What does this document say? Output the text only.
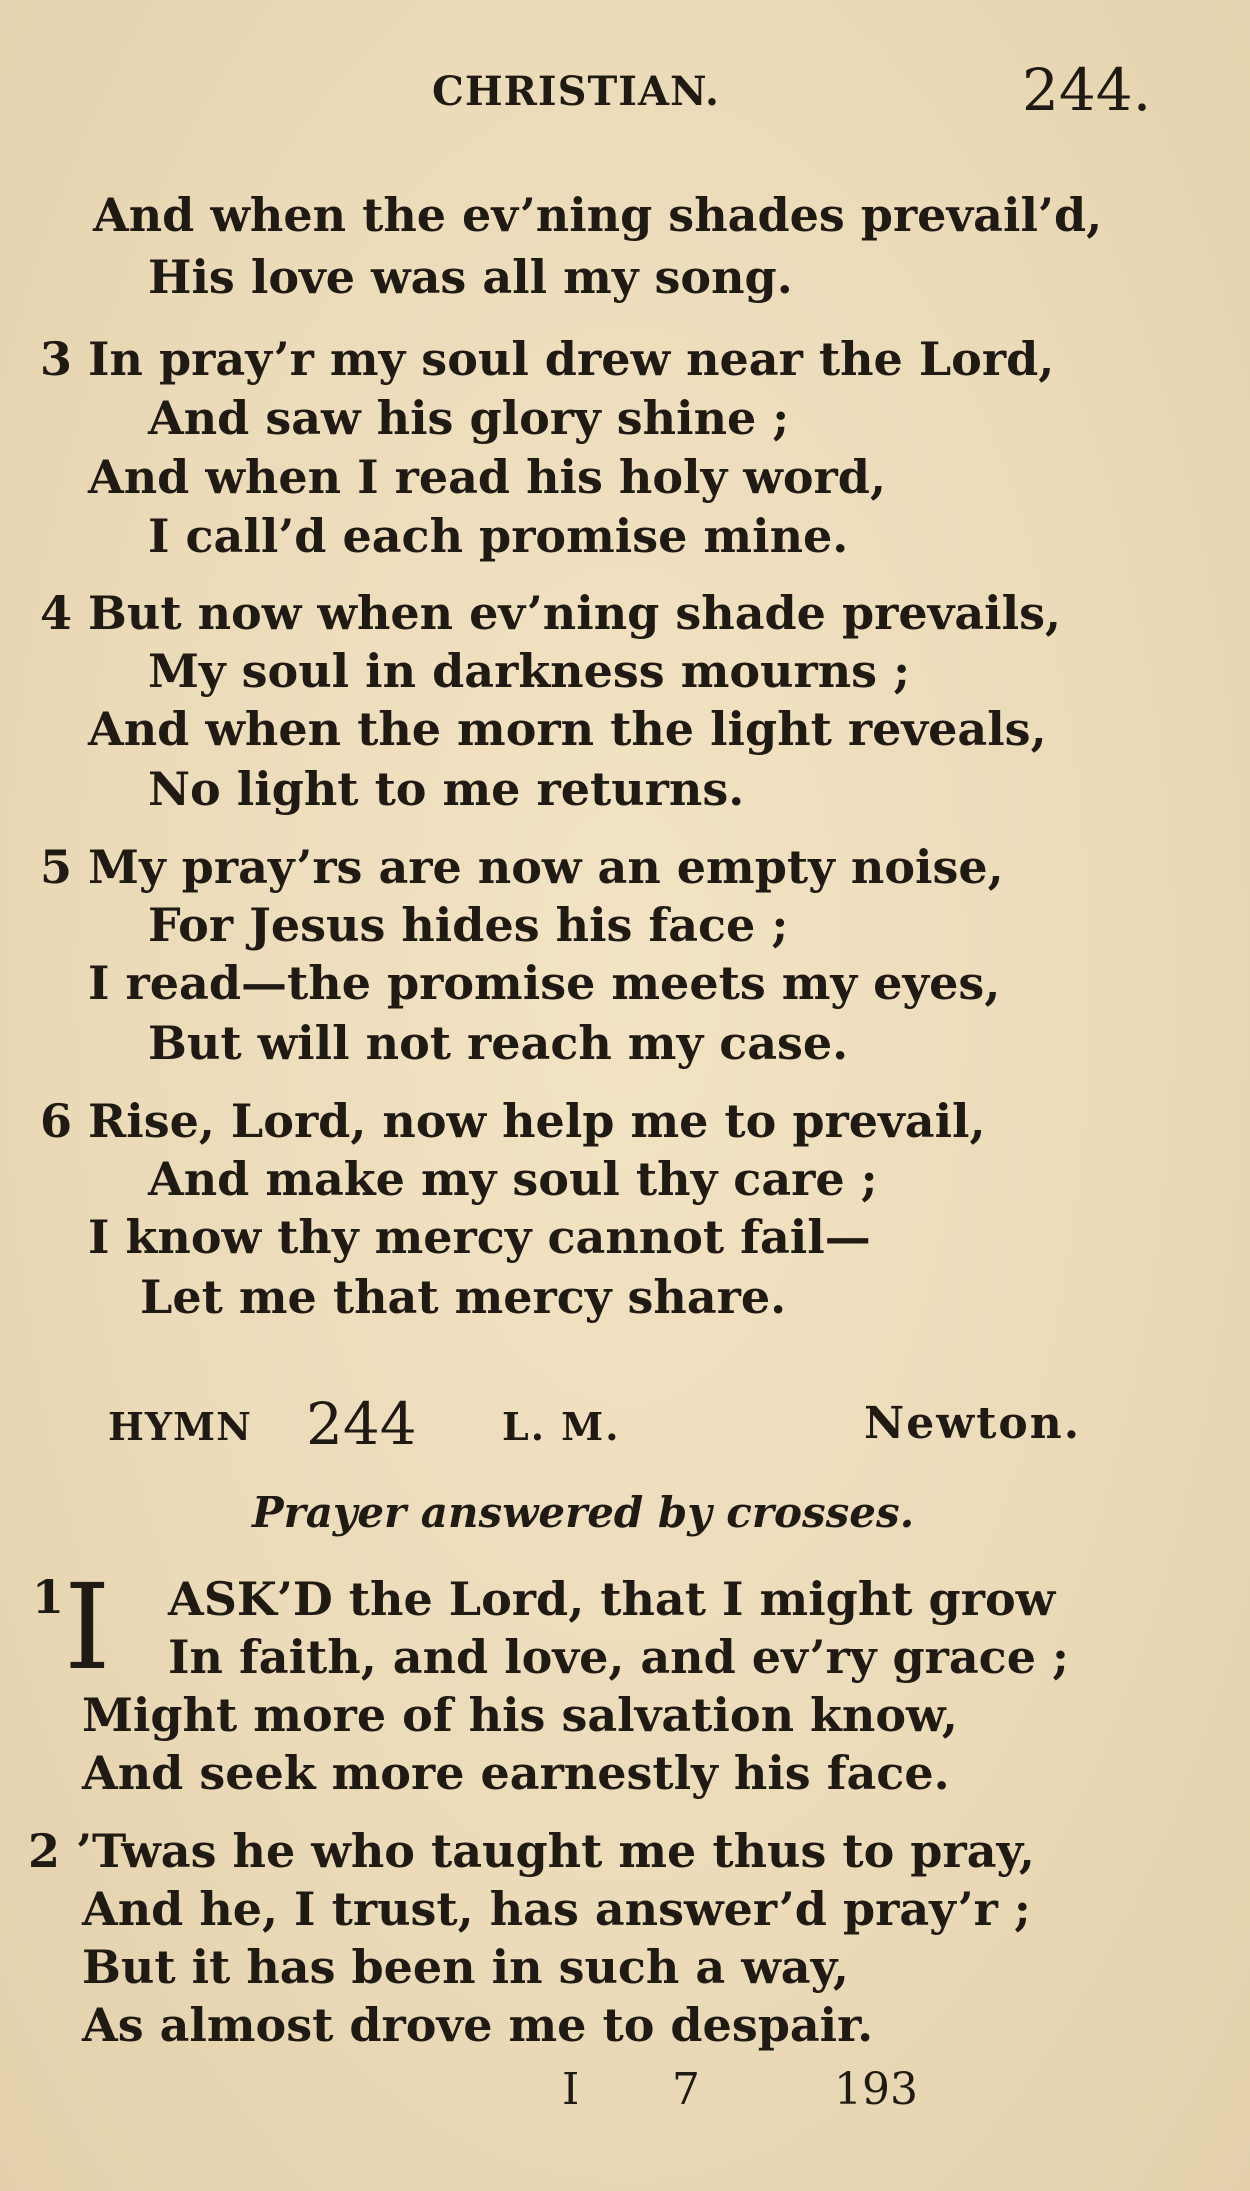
CHRISTIAN.	244.
And when the ev’ning shades prevail’d,
His love was all my song.
3 In pray’r my soul drew near the Lord,
And saw his glory shine ;
And when I read his holy word,
I call’d each promise mine.
4 But now when ev’ning shade prevails,
My soul in darkness mourns ;
And when the morn the light reveals,
No light to me returns.
5 My pray’rs are now an empty noise,
For Jesus hides his face ;
I read—the promise meets my eyes,
But will not reach my case.
6 Rise, Lord, now help me to prevail,
And make my soul thy care ;
I know thy mercy cannot fail—
Let me that mercy share.
HYMN 244 L. M.	Newton.
Prayer answered by crosses.
1 I ASK’D the Lord, that I might grow
In faith, and love, and ev’ry grace ;
Might more of his salvation know,
And seek more earnestly his face.
2 ’Twas he who taught me thus to pray,
And he, I trust, has answer’d pray’r ;
But it has been in such a way,
As almost drove me to despair.
I 7	193
